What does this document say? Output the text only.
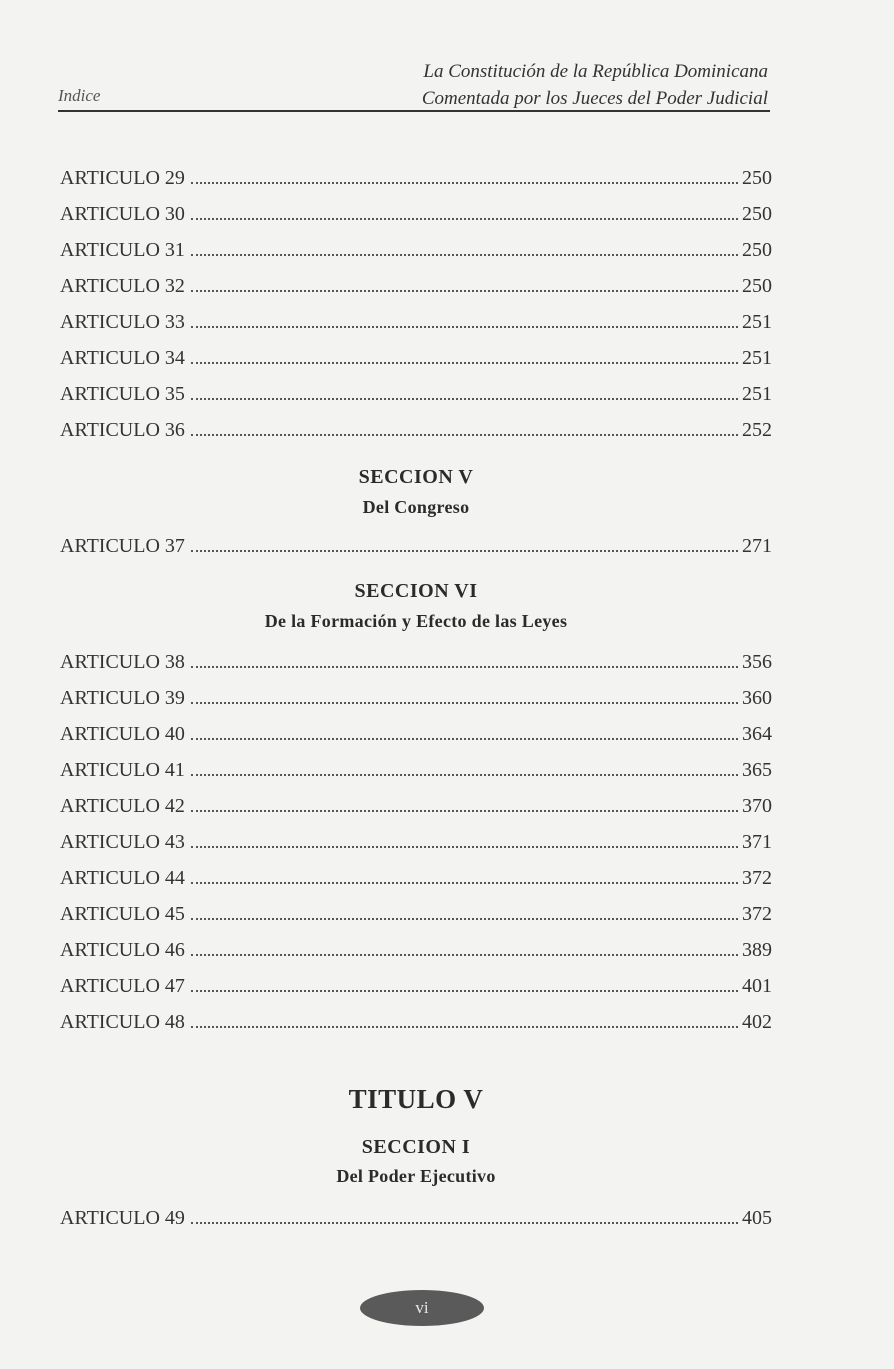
Indice
La Constitución de la República Dominicana
Comentada por los Jueces del Poder Judicial
ARTICULO 29	250
ARTICULO 30	250
ARTICULO 31	250
ARTICULO 32	250
ARTICULO 33	251
ARTICULO 34	251
ARTICULO 35	251
ARTICULO 36	252
SECCION V
Del Congreso
ARTICULO 37	271
SECCION VI
De la Formación y Efecto de las Leyes
ARTICULO 38	356
ARTICULO 39	360
ARTICULO 40	364
ARTICULO 41	365
ARTICULO 42	370
ARTICULO 43	371
ARTICULO 44	372
ARTICULO 45	372
ARTICULO 46	389
ARTICULO 47	401
ARTICULO 48	402
TITULO V
SECCION I
Del Poder Ejecutivo
ARTICULO 49	405
vi
